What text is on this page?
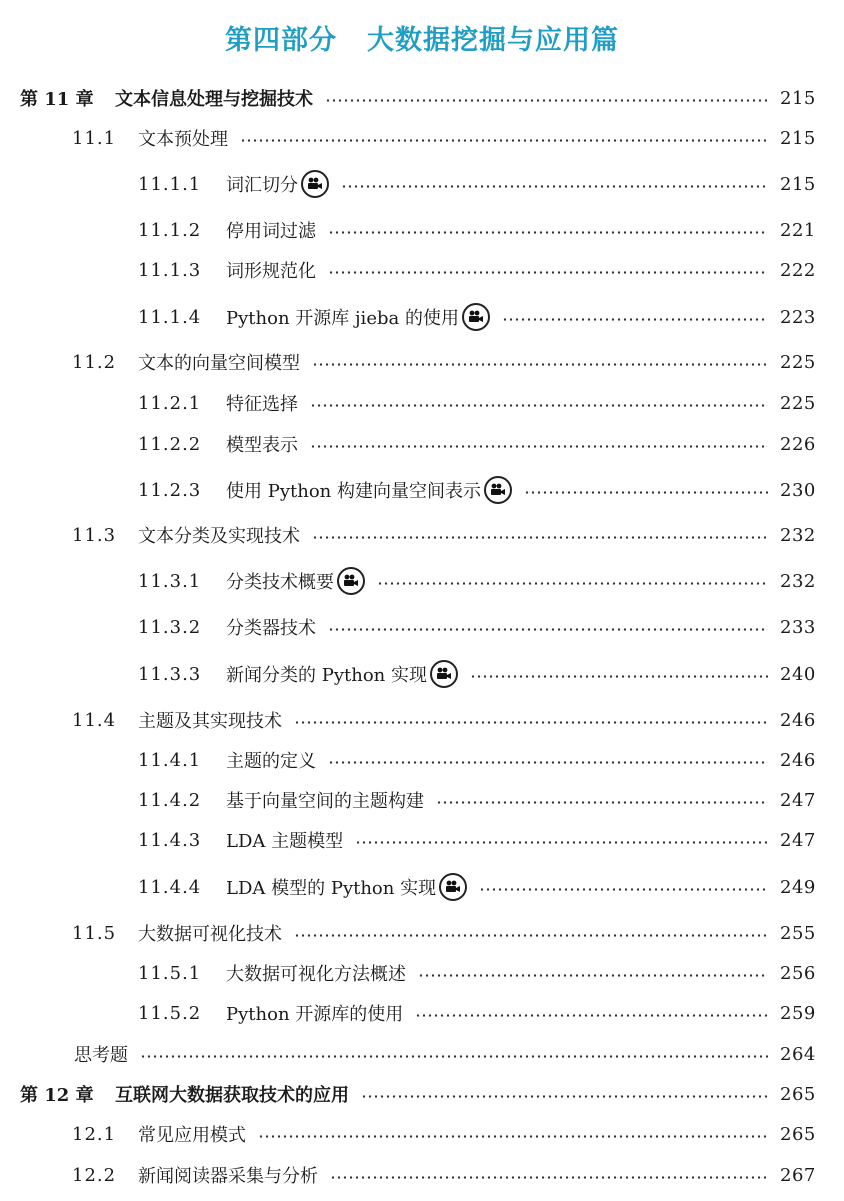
第四部分 大数据挖掘与应用篇
第 11 章	文本信息处理与挖掘技术	215
11.1	文本预处理	215
11.1.1	词汇切分	215
11.1.2	停用词过滤	221
11.1.3	词形规范化	222
11.1.4	Python 开源库 jieba 的使用	223
11.2	文本的向量空间模型	225
11.2.1	特征选择	225
11.2.2	模型表示	226
11.2.3	使用 Python 构建向量空间表示	230
11.3	文本分类及实现技术	232
11.3.1	分类技术概要	232
11.3.2	分类器技术	233
11.3.3	新闻分类的 Python 实现	240
11.4	主题及其实现技术	246
11.4.1	主题的定义	246
11.4.2	基于向量空间的主题构建	247
11.4.3	LDA 主题模型	247
11.4.4	LDA 模型的 Python 实现	249
11.5	大数据可视化技术	255
11.5.1	大数据可视化方法概述	256
11.5.2	Python 开源库的使用	259
思考题	264
第 12 章	互联网大数据获取技术的应用	265
12.1	常见应用模式	265
12.2	新闻阅读器采集与分析	267
